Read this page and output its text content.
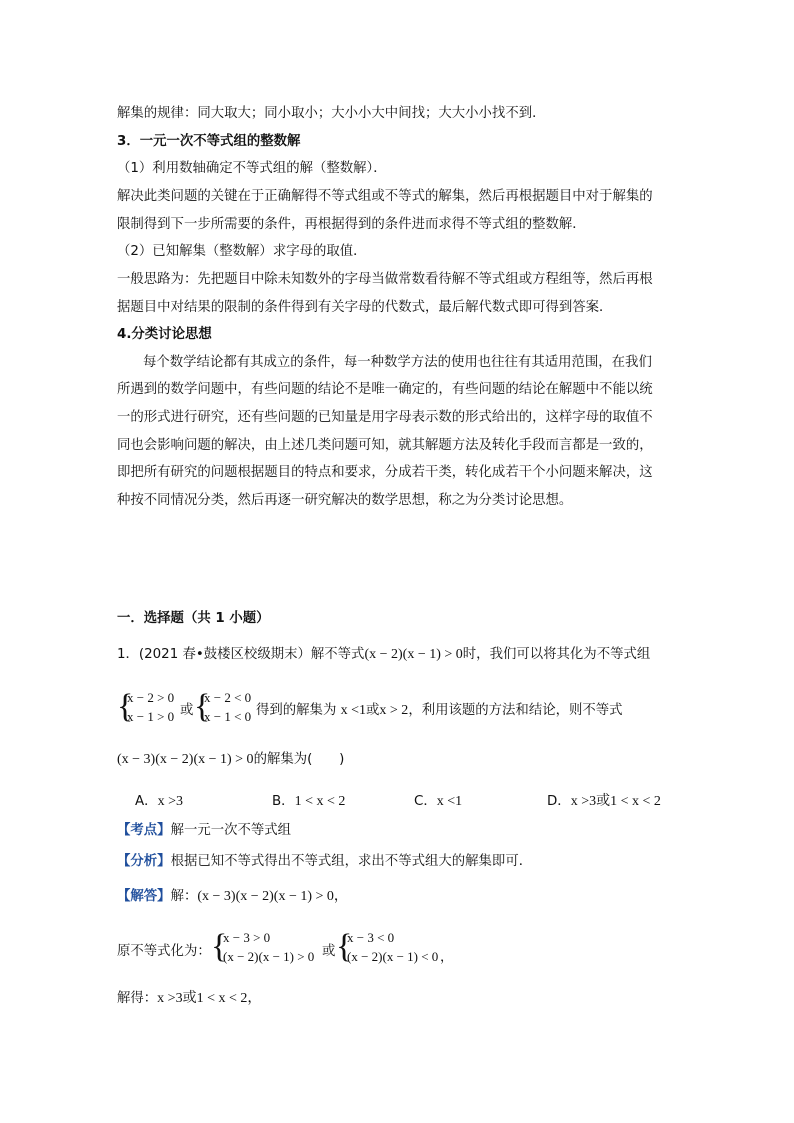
解集的规律：同大取大；同小取小；大小小大中间找；大大小小找不到．
3．一元一次不等式组的整数解
（1）利用数轴确定不等式组的解（整数解）．
解决此类问题的关键在于正确解得不等式组或不等式的解集，然后再根据题目中对于解集的
限制得到下一步所需要的条件，再根据得到的条件进而求得不等式组的整数解．
（2）已知解集（整数解）求字母的取值．
一般思路为：先把题目中除未知数外的字母当做常数看待解不等式组或方程组等，然后再根
据题目中对结果的限制的条件得到有关字母的代数式，最后解代数式即可得到答案．
4.分类讨论思想
每个数学结论都有其成立的条件，每一种数学方法的使用也往往有其适用范围，在我们
所遇到的数学问题中，有些问题的结论不是唯一确定的，有些问题的结论在解题中不能以统
一的形式进行研究，还有些问题的已知量是用字母表示数的形式给出的，这样字母的取值不
同也会影响问题的解决，由上述几类问题可知，就其解题方法及转化手段而言都是一致的，
即把所有研究的问题根据题目的特点和要求，分成若干类，转化成若干个小问题来解决，这
种按不同情况分类，然后再逐一研究解决的数学思想，称之为分类讨论思想。
一．选择题（共 1 小题）
1．(2021 春•鼓楼区校级期末）解不等式(x − 2)(x − 1) > 0时，我们可以将其化为不等式组
{
x − 2 > 0
x − 1 > 0 或 {
x − 2 < 0
x − 1 < 0 得到的解集为 x <1或x > 2，利用该题的方法和结论，则不等式
(x − 3)(x − 2)(x − 1) > 0的解集为(　　)
A．x >3	B．1 < x < 2	C．x <1	D．x >3或1 < x < 2
【考点】解一元一次不等式组
【分析】根据已知不等式得出不等式组，求出不等式组大的解集即可．
【解答】解：(x − 3)(x − 2)(x − 1) > 0，
原不等式化为： {
x − 3 > 0
(x − 2)(x − 1) > 0 或 {
x − 3 < 0
(x − 2)(x − 1) < 0 ，
解得：x >3或1 < x < 2，
